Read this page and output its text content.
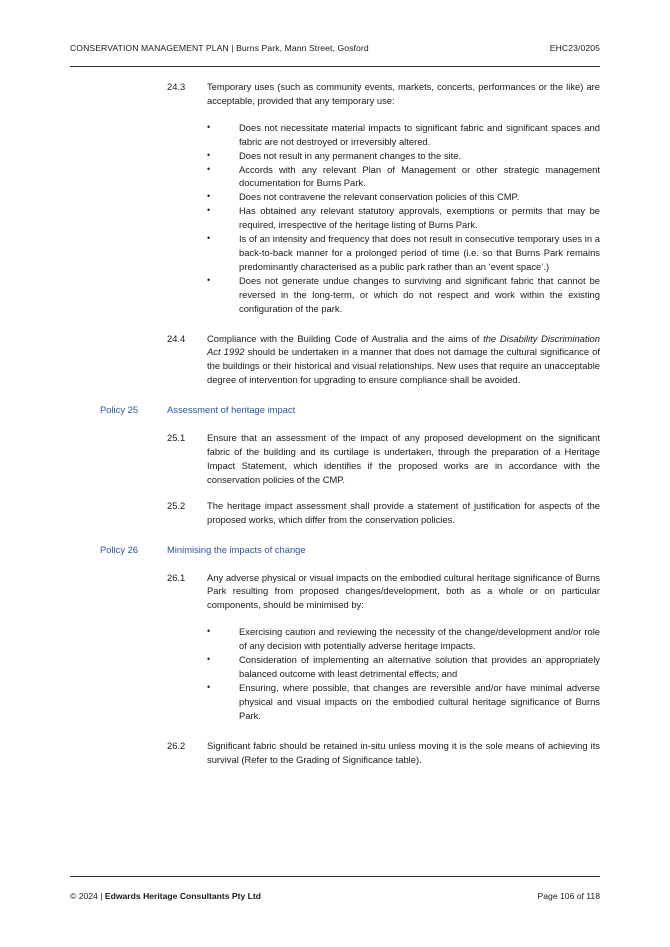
CONSERVATION MANAGEMENT PLAN | Burns Park, Mann Street, Gosford	EHC23/0205
24.3 Temporary uses (such as community events, markets, concerts, performances or the like) are acceptable, provided that any temporary use:

• Does not necessitate material impacts to significant fabric and significant spaces and fabric are not destroyed or irreversibly altered.
• Does not result in any permanent changes to the site.
• Accords with any relevant Plan of Management or other strategic management documentation for Burns Park.
• Does not contravene the relevant conservation policies of this CMP.
• Has obtained any relevant statutory approvals, exemptions or permits that may be required, irrespective of the heritage listing of Burns Park.
• Is of an intensity and frequency that does not result in consecutive temporary uses in a back-to-back manner for a prolonged period of time (i.e. so that Burns Park remains predominantly characterised as a public park rather than an ‘event space’.)
• Does not generate undue changes to surviving and significant fabric that cannot be reversed in the long-term, or which do not respect and work within the existing configuration of the park.
24.4 Compliance with the Building Code of Australia and the aims of the Disability Discrimination Act 1992 should be undertaken in a manner that does not damage the cultural significance of the buildings or their historical and visual relationships. New uses that require an unacceptable degree of intervention for upgrading to ensure compliance shall be avoided.

Policy 25	Assessment of heritage impact
25.1 Ensure that an assessment of the impact of any proposed development on the significant fabric of the building and its curtilage is undertaken, through the preparation of a Heritage Impact Statement, which identifies if the proposed works are in accordance with the conservation policies of the CMP.

25.2 The heritage impact assessment shall provide a statement of justification for aspects of the proposed works, which differ from the conservation policies.

Policy 26	Minimising the impacts of change
26.1 Any adverse physical or visual impacts on the embodied cultural heritage significance of Burns Park resulting from proposed changes/development, both as a whole or on particular components, should be minimised by:

• Exercising caution and reviewing the necessity of the change/development and/or role of any decision with potentially adverse heritage impacts.
• Consideration of implementing an alternative solution that provides an appropriately balanced outcome with least detrimental effects; and
• Ensuring, where possible, that changes are reversible and/or have minimal adverse physical and visual impacts on the embodied cultural heritage significance of Burns Park.
26.2 Significant fabric should be retained in-situ unless moving it is the sole means of achieving its survival (Refer to the Grading of Significance table).

© 2024 | Edwards Heritage Consultants Pty Ltd	Page 106 of 118
